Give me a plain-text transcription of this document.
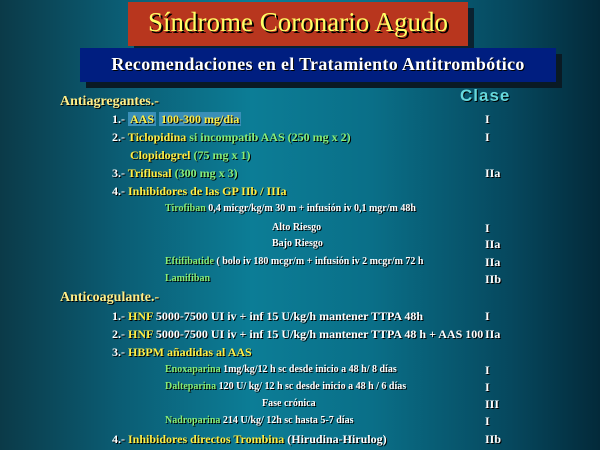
Síndrome Coronario Agudo
Recomendaciones en el Tratamiento Antitrombótico
Antiagregantes.-	Clase
1.- AAS 100-300 mg/dia	I
2.- Ticlopidina si incompatib AAS (250 mg x 2)	I
Clopidogrel (75 mg x 1)
3.- Triflusal (300 mg x 3)	IIa
4.- Inhibidores de las GP IIb / IIIa
Tirofiban 0,4 micgr/kg/m 30 m + infusión iv 0,1 mgr/m 48h
Alto Riesgo	I
Bajo Riesgo	IIa
Eftifibatide ( bolo iv 180 mcgr/m + infusión iv 2 mcgr/m 72 h	IIa
Lamifiban	IIb
Anticoagulante.-
1.- HNF 5000-7500 UI iv + inf 15 U/kg/h mantener TTPA 48h	I
2.- HNF 5000-7500 UI iv + inf 15 U/kg/h mantener TTPA 48 h + AAS 100 IIa
3.- HBPM añadidas al AAS
Enoxaparina 1mg/kg/12 h sc desde inicio a 48 h/ 8 días	I
Dalteparina 120 U/ kg/ 12 h sc desde inicio a 48 h / 6 días	I
Fase crónica	III
Nadroparina 214 U/kg/ 12h sc hasta 5-7 días	I
4.- Inhibidores directos Trombina (Hirudina-Hirulog)	IIb
